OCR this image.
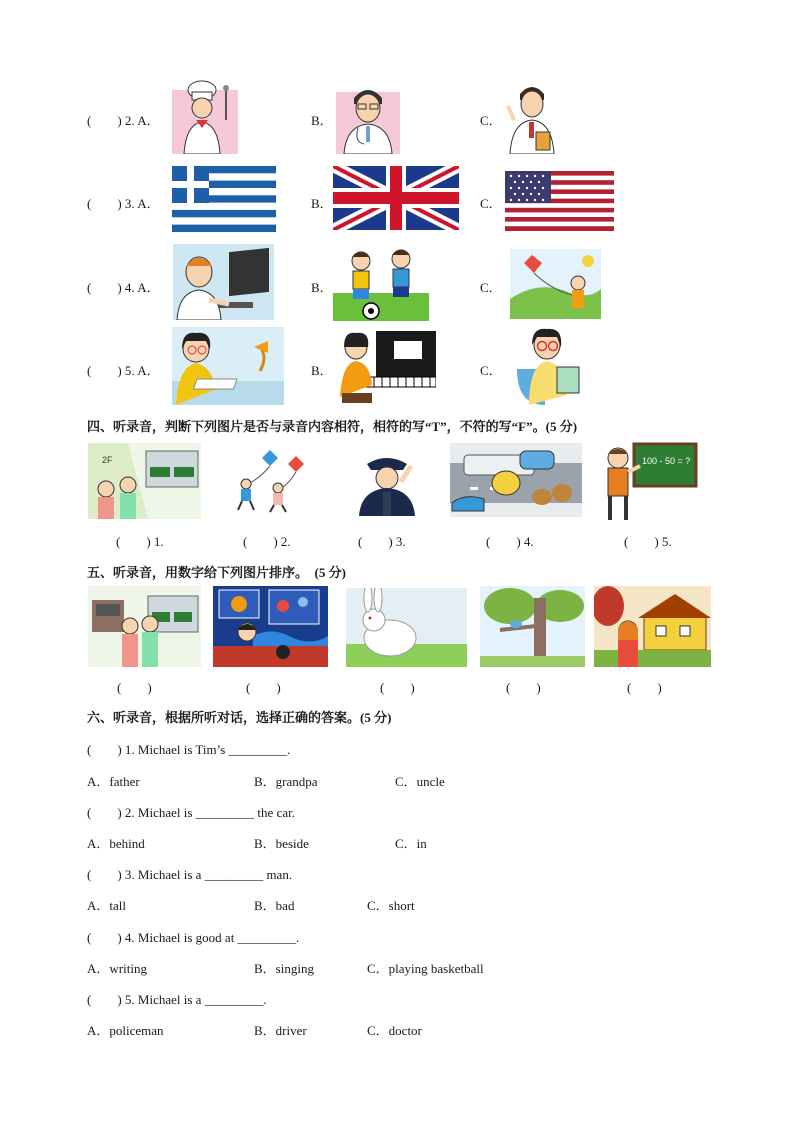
(　　) 2. A．	B．	C．
(　　) 3. A．	B．	C．
(　　) 4. A．	B．	C．
(　　) 5. A．	B．	C．
四、听录音，判断下列图片是否与录音内容相符，相符的写“T”，不符的写“F”。(5 分)
2F	100 - 50 = ?
(　　) 1.	(　　) 2.	(　　) 3.	(　　) 4.	(　　) 5.
五、听录音，用数字给下列图片排序。　(5 分)
(　　)	(　　)	(　　)	(　　)	(　　)
六、听录音，根据所听对话，选择正确的答案。(5 分)
(　　) 1. Michael is Tim’s _________.
A．father	B．grandpa	C．uncle
(　　) 2. Michael is _________ the car.
A．behind	B．beside	C．in
(　　) 3. Michael is a _________ man.
A．tall	B．bad	C．short
(　　) 4. Michael is good at _________.
A．writing	B．singing	C．playing basketball
(　　) 5. Michael is a _________.
A．policeman	B．driver	C．doctor
